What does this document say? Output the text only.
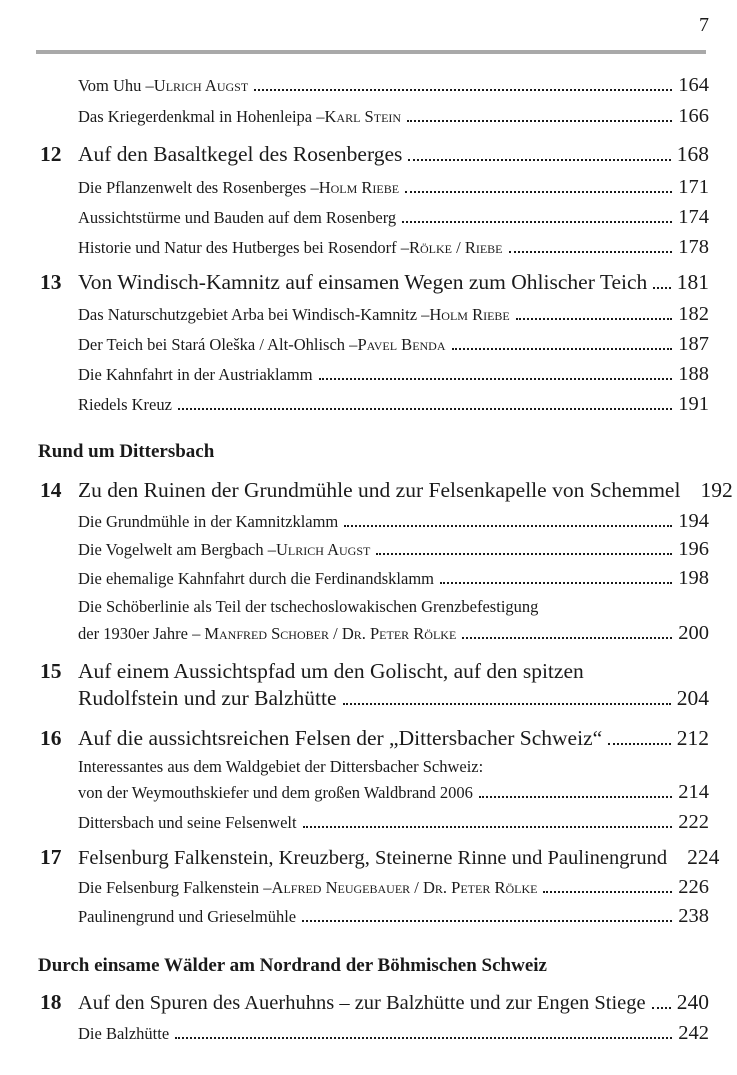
7
Vom Uhu – Ulrich Augst	164
Das Kriegerdenkmal in Hohenleipa – Karl Stein	166
12 Auf den Basaltkegel des Rosenberges	168
Die Pflanzenwelt des Rosenberges – Holm Riebe	171
Aussichtstürme und Bauden auf dem Rosenberg	174
Historie und Natur des Hutberges bei Rosendorf – Rölke / Riebe	178
13 Von Windisch-Kamnitz auf einsamen Wegen zum Ohlischer Teich 181
Das Naturschutzgebiet Arba bei Windisch-Kamnitz – Holm Riebe	182
Der Teich bei Stará Oleška / Alt-Ohlisch – Pavel Benda	187
Die Kahnfahrt in der Austriaklamm	188
Riedels Kreuz	191
Rund um Dittersbach
14 Zu den Ruinen der Grundmühle und zur Felsenkapelle von Schemmel 192
Die Grundmühle in der Kamnitzklamm	194
Die Vogelwelt am Bergbach – Ulrich Augst	196
Die ehemalige Kahnfahrt durch die Ferdinandsklamm	198
Die Schöberlinie als Teil der tschechoslowakischen Grenzbefestigung
der 1930er Jahre – Manfred Schober / Dr. Peter Rölke	200
15 Auf einem Aussichtspfad um den Golischt, auf den spitzen
Rudolfstein und zur Balzhütte	204
16 Auf die aussichtsreichen Felsen der „Dittersbacher Schweiz“	212
Interessantes aus dem Waldgebiet der Dittersbacher Schweiz:
von der Weymouthskiefer und dem großen Waldbrand 2006	214
Dittersbach und seine Felsenwelt	222
17 Felsenburg Falkenstein, Kreuzberg, Steinerne Rinne und Paulinengrund 224
Die Felsenburg Falkenstein – Alfred Neugebauer / Dr. Peter Rölke	226
Paulinengrund und Grieselmühle	238
Durch einsame Wälder am Nordrand der Böhmischen Schweiz
18 Auf den Spuren des Auerhuhns – zur Balzhütte und zur Engen Stiege 240
Die Balzhütte	242
